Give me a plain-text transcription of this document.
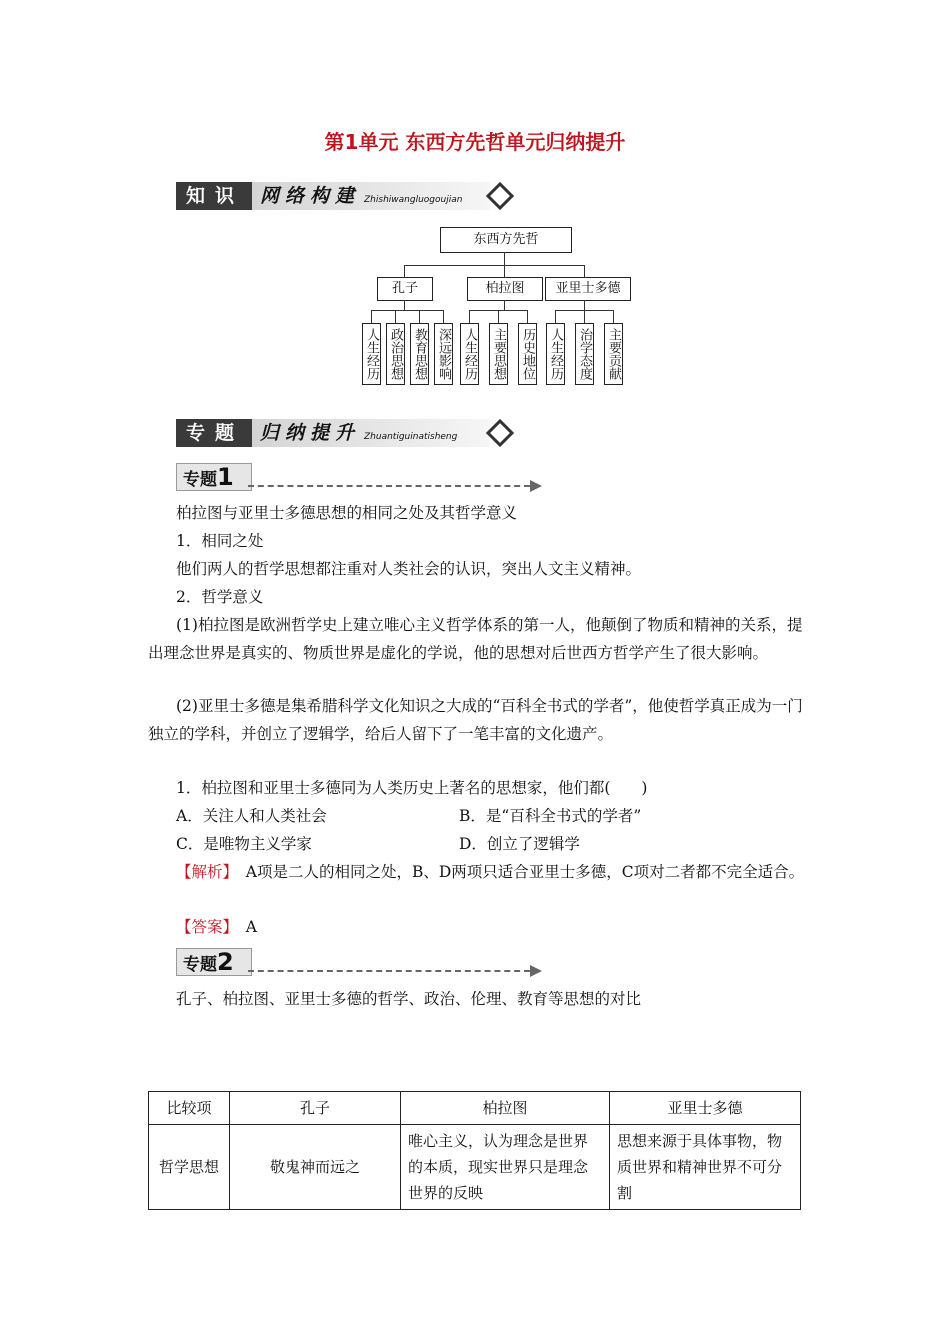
第1单元 东西方先哲单元归纳提升
知识 网络构建 Zhishiwangluogoujian
东西方先哲
孔子	柏拉图	亚里士多德
人生经历 政治思想 教育思想 深远影响 人生经历 主要思想 历史地位 人生经历 治学态度 主要贡献
专题 归纳提升 Zhuantiguinatisheng
专题1
柏拉图与亚里士多德思想的相同之处及其哲学意义
1．相同之处
他们两人的哲学思想都注重对人类社会的认识，突出人文主义精神。
2．哲学意义
(1)柏拉图是欧洲哲学史上建立唯心主义哲学体系的第一人，他颠倒了物质和精神的关系，提出理念世界是真实的、物质世界是虚化的学说，他的思想对后世西方哲学产生了很大影响。
(2)亚里士多德是集希腊科学文化知识之大成的“百科全书式的学者”，他使哲学真正成为一门独立的学科，并创立了逻辑学，给后人留下了一笔丰富的文化遗产。
1．柏拉图和亚里士多德同为人类历史上著名的思想家，他们都(　　)
A．关注人和人类社会	B．是“百科全书式的学者”
C．是唯物主义学家	D．创立了逻辑学
【解析】　 A项是二人的相同之处，B、D两项只适合亚里士多德，C项对二者都不完全适合。
【答案】　 A
专题2
孔子、柏拉图、亚里士多德的哲学、政治、伦理、教育等思想的对比
比较项	孔子	柏拉图	亚里士多德
哲学思想	敬鬼神而远之	唯心主义，认为理念是世界的本质，现实世界只是理念世界的反映	思想来源于具体事物，物质世界和精神世界不可分割
